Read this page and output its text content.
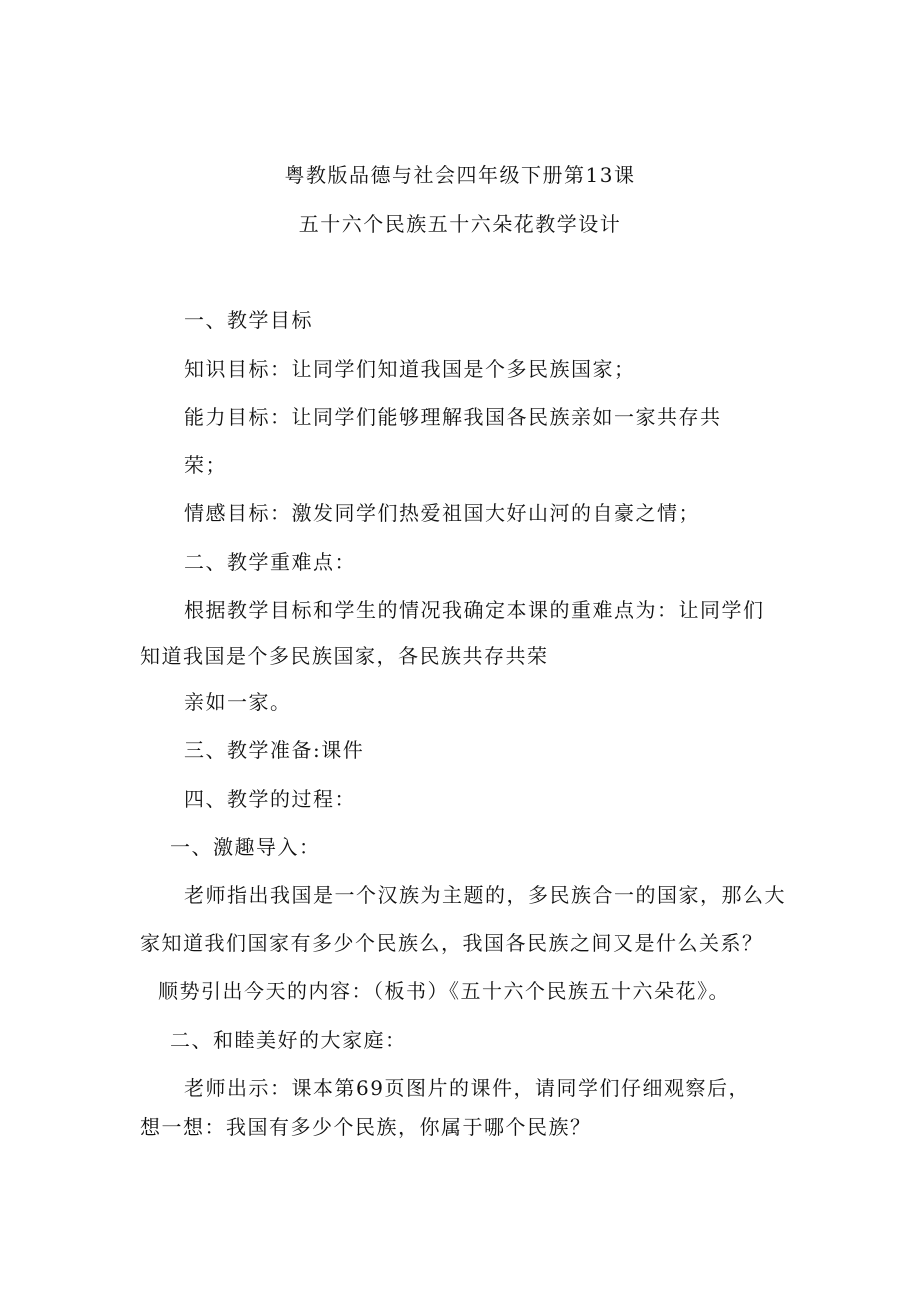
粤教版品德与社会四年级下册第13课
五十六个民族五十六朵花教学设计
一、教学目标
知识目标：让同学们知道我国是个多民族国家；
能力目标：让同学们能够理解我国各民族亲如一家共存共
荣；
情感目标：激发同学们热爱祖国大好山河的自豪之情；
二、教学重难点：
根据教学目标和学生的情况我确定本课的重难点为：让同学们
知道我国是个多民族国家，各民族共存共荣
亲如一家。
三、教学准备:课件
四、教学的过程：
一、激趣导入：
老师指出我国是一个汉族为主题的，多民族合一的国家，那么大
家知道我们国家有多少个民族么，我国各民族之间又是什么关系？
顺势引出今天的内容：（板书）《五十六个民族五十六朵花》。
二、和睦美好的大家庭：
老师出示：课本第69页图片的课件，请同学们仔细观察后，
想一想：我国有多少个民族，你属于哪个民族？
